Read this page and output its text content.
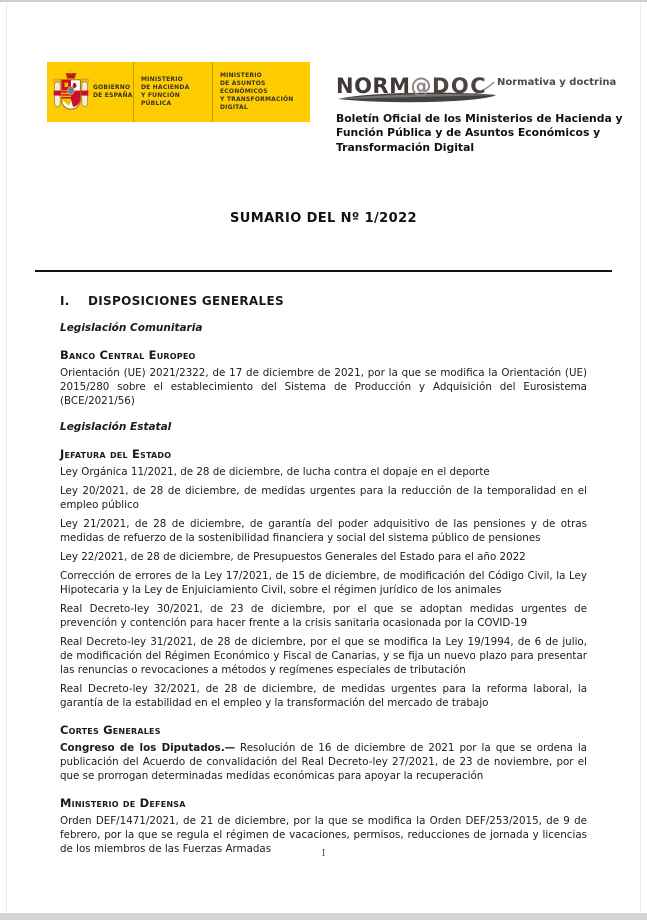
GOBIERNO
DE ESPAÑA
MINISTERIO
DE HACIENDA
Y FUNCIÓN PÚBLICA
MINISTERIO
DE ASUNTOS ECONÓMICOS
Y TRANSFORMACIÓN DIGITAL
NORM@DOC Normativa y doctrina
Boletín Oficial de los Ministerios de Hacienda y Función Pública y de Asuntos Económicos y Transformación Digital
SUMARIO DEL Nº 1/2022
I. DISPOSICIONES GENERALES
Legislación Comunitaria
Banco Central Europeo

Orientación (UE) 2021/2322, de 17 de diciembre de 2021, por la que se modifica la Orientación (UE) 2015/280 sobre el establecimiento del Sistema de Producción y Adquisición del Eurosistema (BCE/2021/56)

Legislación Estatal
Jefatura del Estado

Ley Orgánica 11/2021, de 28 de diciembre, de lucha contra el dopaje en el deporte

Ley 20/2021, de 28 de diciembre, de medidas urgentes para la reducción de la temporalidad en el empleo público

Ley 21/2021, de 28 de diciembre, de garantía del poder adquisitivo de las pensiones y de otras medidas de refuerzo de la sostenibilidad financiera y social del sistema público de pensiones

Ley 22/2021, de 28 de diciembre, de Presupuestos Generales del Estado para el año 2022

Corrección de errores de la Ley 17/2021, de 15 de diciembre, de modificación del Código Civil, la Ley Hipotecaria y la Ley de Enjuiciamiento Civil, sobre el régimen jurídico de los animales

Real Decreto-ley 30/2021, de 23 de diciembre, por el que se adoptan medidas urgentes de prevención y contención para hacer frente a la crisis sanitaria ocasionada por la COVID-19

Real Decreto-ley 31/2021, de 28 de diciembre, por el que se modifica la Ley 19/1994, de 6 de julio, de modificación del Régimen Económico y Fiscal de Canarias, y se fija un nuevo plazo para presentar las renuncias o revocaciones a métodos y regímenes especiales de tributación

Real Decreto-ley 32/2021, de 28 de diciembre, de medidas urgentes para la reforma laboral, la garantía de la estabilidad en el empleo y la transformación del mercado de trabajo

Cortes Generales

Congreso de los Diputados.— Resolución de 16 de diciembre de 2021 por la que se ordena la publicación del Acuerdo de convalidación del Real Decreto-ley 27/2021, de 23 de noviembre, por el que se prorrogan determinadas medidas económicas para apoyar la recuperación

Ministerio de Defensa

Orden DEF/1471/2021, de 21 de diciembre, por la que se modifica la Orden DEF/253/2015, de 9 de febrero, por la que se regula el régimen de vacaciones, permisos, reducciones de jornada y licencias de los miembros de las Fuerzas Armadas	I
